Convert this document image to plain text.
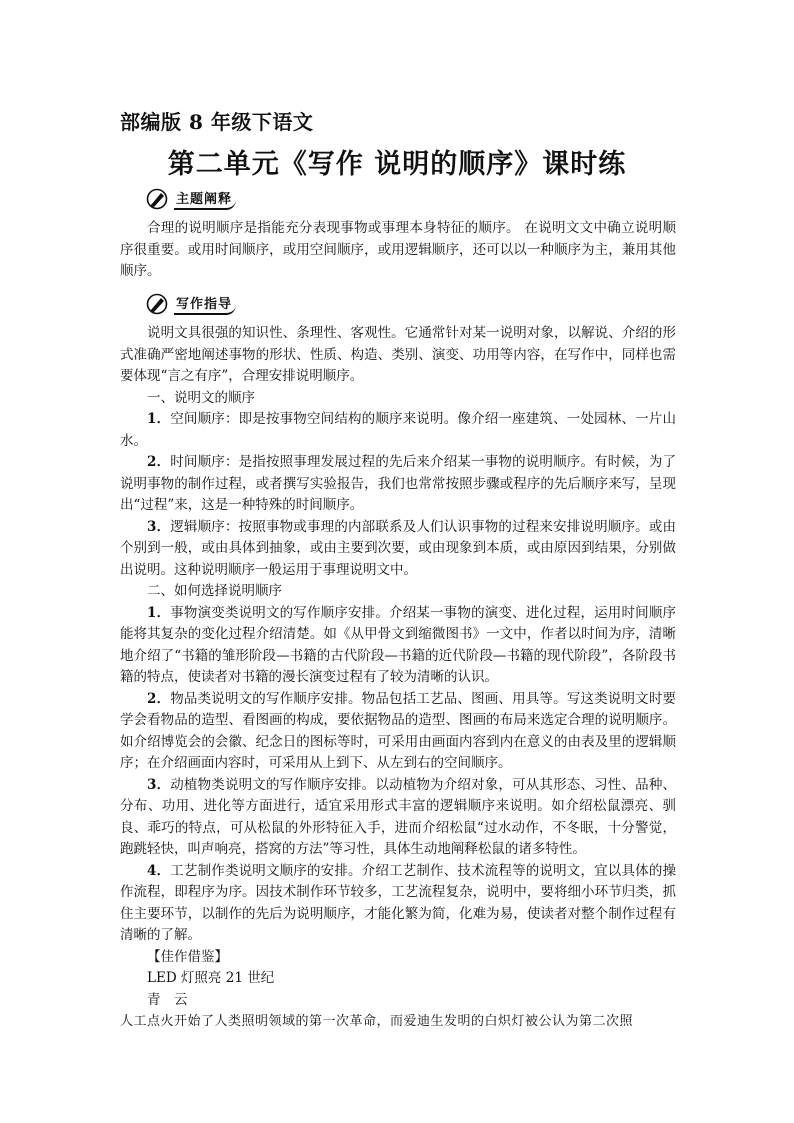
部编版 8 年级下语文
第二单元《写作 说明的顺序》课时练
主题阐释

合理的说明顺序是指能充分表现事物或事理本身特征的顺序。 在说明文文中确立说明顺序很重要。或用时间顺序，或用空间顺序，或用逻辑顺序，还可以以一种顺序为主，兼用其他顺序。

写作指导

说明文具很强的知识性、条理性、客观性。它通常针对某一说明对象，以解说、介绍的形式准确严密地阐述事物的形状、性质、构造、类别、演变、功用等内容，在写作中，同样也需要体现“言之有序”，合理安排说明顺序。

一、说明文的顺序

1．空间顺序：即是按事物空间结构的顺序来说明。像介绍一座建筑、一处园林、一片山水。

2．时间顺序：是指按照事理发展过程的先后来介绍某一事物的说明顺序。有时候，为了说明事物的制作过程，或者撰写实验报告，我们也常常按照步骤或程序的先后顺序来写，呈现出“过程”来，这是一种特殊的时间顺序。

3．逻辑顺序：按照事物或事理的内部联系及人们认识事物的过程来安排说明顺序。或由个别到一般，或由具体到抽象，或由主要到次要，或由现象到本质，或由原因到结果，分别做出说明。这种说明顺序一般运用于事理说明文中。

二、如何选择说明顺序

1．事物演变类说明文的写作顺序安排。介绍某一事物的演变、进化过程，运用时间顺序能将其复杂的变化过程介绍清楚。如《从甲骨文到缩微图书》一文中，作者以时间为序，清晰地介绍了“书籍的雏形阶段—书籍的古代阶段—书籍的近代阶段—书籍的现代阶段”，各阶段书籍的特点，使读者对书籍的漫长演变过程有了较为清晰的认识。

2．物品类说明文的写作顺序安排。物品包括工艺品、图画、用具等。写这类说明文时要学会看物品的造型、看图画的构成，要依据物品的造型、图画的布局来选定合理的说明顺序。如介绍博览会的会徽、纪念日的图标等时，可采用由画面内容到内在意义的由表及里的逻辑顺序；在介绍画面内容时，可采用从上到下、从左到右的空间顺序。

3．动植物类说明文的写作顺序安排。以动植物为介绍对象，可从其形态、习性、品种、分布、功用、进化等方面进行，适宜采用形式丰富的逻辑顺序来说明。如介绍松鼠漂亮、驯良、乖巧的特点，可从松鼠的外形特征入手，进而介绍松鼠“过水动作，不冬眠，十分警觉，跑跳轻快，叫声响亮，搭窝的方法”等习性，具体生动地阐释松鼠的诸多特性。

4．工艺制作类说明文顺序的安排。介绍工艺制作、技术流程等的说明文，宜以具体的操作流程，即程序为序。因技术制作环节较多，工艺流程复杂，说明中，要将细小环节归类，抓住主要环节，以制作的先后为说明顺序，才能化繁为简，化难为易，使读者对整个制作过程有清晰的了解。

【佳作借鉴】

LED 灯照亮 21 世纪

青　云

人工点火开始了人类照明领域的第一次革命，而爱迪生发明的白炽灯被公认为第二次照
